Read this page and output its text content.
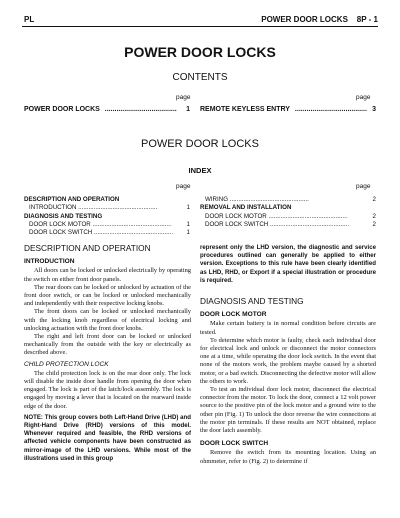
PL	POWER DOOR LOCKS    8P - 1
POWER DOOR LOCKS
CONTENTS
page	page
POWER DOOR LOCKS .....................................	1 REMOTE KEYLESS ENTRY ..................................... 3
POWER DOOR LOCKS
INDEX
page	page
DESCRIPTION AND OPERATION
INTRODUCTION ..............................................	1
DIAGNOSIS AND TESTING
DOOR LOCK MOTOR ..............................................	1
DOOR LOCK SWITCH ..............................................	1
WIRING ..............................................	2
REMOVAL AND INSTALLATION
DOOR LOCK MOTOR ..............................................	2
DOOR LOCK SWITCH ..............................................	2
DESCRIPTION AND OPERATION
INTRODUCTION

All doors can be locked or unlocked electrically by operating the switch on either front door panels.

The rear doors can be locked or unlocked by actuation of the front door switch, or can be locked or unlocked mechanically and independently with their respective locking knobs.

The front doors can be locked or unlocked mechanically with the locking knob regardless of electrical locking and unlocking actuation with the front door knobs.

The right and left front door can be locked or unlocked mechanically from the outside with the key or electrically as described above.

CHILD PROTECTION LOCK

The child protection lock is on the rear door only. The lock will disable the inside door handle from opening the door when engaged. The lock is part of the latch/lock assembly. The lock is engaged by moving a lever that is located on the rearward inside edge of the door.

NOTE: This group covers both Left-Hand Drive (LHD) and Right-Hand Drive (RHD) versions of this model. Whenever required and feasible, the RHD versions of affected vehicle components have been constructed as mirror-image of the LHD versions. While most of the illustrations used in this group

represent only the LHD version, the diagnostic and service procedures outlined can generally be applied to either version. Exceptions to this rule have been clearly identified as LHD, RHD, or Export if a special illustration or procedure is required.

DIAGNOSIS AND TESTING
DOOR LOCK MOTOR

Make certain battery is in normal condition before circuits are tested.

To determine which motor is faulty, check each individual door for electrical lock and unlock or disconnect the motor connectors one at a time, while operating the door lock switch. In the event that none of the motors work, the problem maybe caused by a shorted motor, or a bad switch. Disconnecting the defective motor will allow the others to work.

To test an individual door lock motor, disconnect the electrical connector from the motor. To lock the door, connect a 12 volt power source to the positive pin of the lock motor and a ground wire to the other pin (Fig. 1) To unlock the door reverse the wire connections at the motor pin terminals. If these results are NOT obtained, replace the door latch assembly.

DOOR LOCK SWITCH

Remove the switch from its mounting location. Using an ohmmeter, refer to (Fig. 2) to determine if
